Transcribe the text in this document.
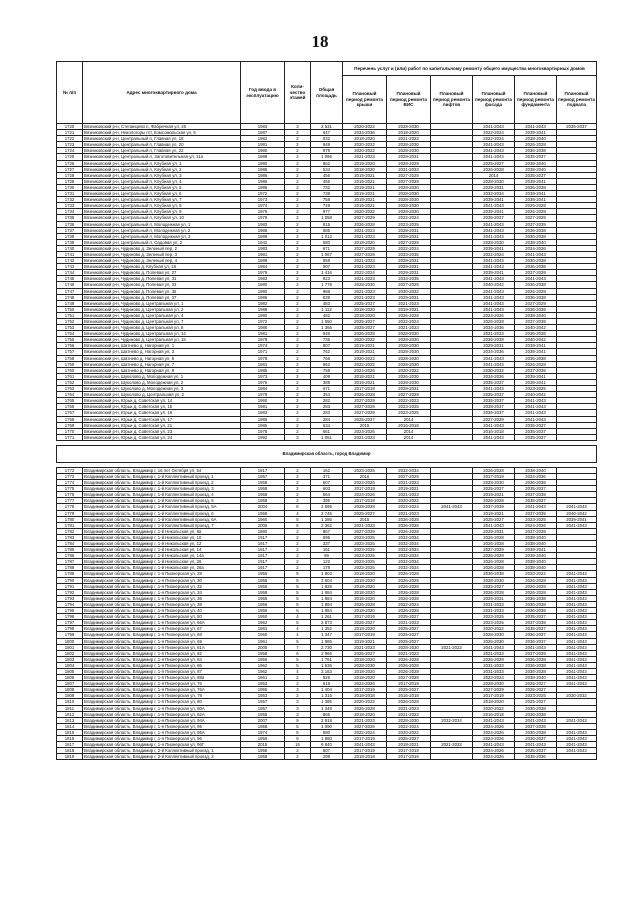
18
№ п/п	Адрес многоквартирного дома	Год ввода в эксплуатацию	Коли-чество этажей	Общая площадь	Перечень услуг и (или) работ по капитальному ремонту общего имущества многоквартирных домов					
					Плановый период ремонта крыши	Плановый период ремонта ВИС	Плановый период ремонта лифтов	Плановый период ремонта фасада	Плановый период ремонта фундамента	Плановый период ремонта подвала
1720	Вязниковский р-н, Степанцево п, Фабричная ул, 25	1983	3	2 531	2020-2022	2028-2030		2041-2043	2041-2043	2035-2037
1721	Вязниковский р-н, Никологоры пгт, Комсомольская ул, 5	1987	2	647	2034-2036	2018-2020		2022-2024	2039-2041	
1722	Вязниковский р-н, Центральный п, Главная ул, 18	1982	2	832	2018-2020	2021-2023		2022-2024	2038-2040	
1723	Вязниковский р-н, Центральный п, Главная ул, 20	1981	2	949	2020-2022	2028-2030		2041-2043	2026-2028	
1724	Вязниковский р-н, Центральный п, Главная ул, 22	1980	2	979	2020-2022	2028-2030		2041-2043	2036-2038	
1725	Вязниковский р-н, Центральный п, Заготовительная ул, 11а	1988	2	1 086	2021-2023	2029-2031		2041-2043	2035-2037	
1726	Вязниковский р-н, Центральный п, Клубная ул, 1	1980	2	862	2019-2020	2028-2029		2025-2027	2039-2040	
1727	Вязниковский р-н, Центральный п, Клубная ул, 2	1985	2	534	2018-2020	2031-2033		2026-2028	2038-2040	
1728	Вязниковский р-н, Центральный п, Клубная ул, 3	1986	2	456	2019-2021	2027-2029		2014	2035-2037	
1729	Вязниковский р-н, Центральный п, Клубная ул, 4	1986	2	455	2019-2021	2027-2029		2028-2030	2039-2041	
1730	Вязниковский р-н, Центральный п, Клубная ул, 5	1986	2	732	2019-2021	2028-2030		2029-2031	2036-2038	
1731	Вязниковский р-н, Центральный п, Клубная ул, 6	1972	2	739	2019-2021	2028-2030		2032-2034	2039-2041	
1732	Вязниковский р-н, Центральный п, Клубная ул, 7	1973	2	758	2019-2021	2028-2030		2039-2041	2039-2041	
1733	Вязниковский р-н, Центральный п, Клубная ул, 8	1974	2	749	2019-2021	2028-2030		2041-2043	2026-2028	
1734	Вязниковский р-н, Центральный п, Клубная ул, 9	1976	2	977	2020-2022	2028-2030		2039-2041	2026-2028	
1735	Вязниковский р-н, Центральный п, Клубная ул, 10	1978	2	1 058	2027-2029	2022-2024		2035-2037	2027-2029	
1736	Вязниковский р-н, Центральный п, Молодежная ул, 1	1983	2	915	2026-2028	2023-2025		2041-2043	2037-2039	
1737	Вязниковский р-н, Центральный п, Молодежная ул, 2	1986	2	585	2021-2023	2028-2031		2041-2043	2036-2038	
1738	Вязниковский р-н, Центральный п, Молодежная ул, 3	1988	2	1 012	2021-2023	2029-2031		2041-2043	2036-2038	
1739	Вязниковский р-н, Центральный п, Садовая ул, 2	1942	2	580	2018-2020	2027-2029		2028-2030	2038-2040	
1740	Вязниковский р-н, Чудиново д, Зеленый пер, 2	1983	2	671	2027-2029	2022-2024		2039-2041	2034-2036	
1741	Вязниковский р-н, Чудиново д, Зеленый пер, 3	1981	2	1 067	2027-2029	2033-2035		2022-2024	2041-2043	
1742	Вязниковский р-н, Чудиново д, Зеленый пер, 4	1988	2	858	2021-2023	2029-2031		2041-2043	2036-2038	
1743	Вязниковский р-н, Чудиново д, Клубная ул, 18	1984	2	907	2021-2023	2029-2031		2041-2043	2036-2038	
1744	Вязниковский р-н, Чудиново д, Полевая ул, 27	1979	2	1 416	2022-2024	2029-2031		2039-2041	2037-2039	
1745	Вязниковский р-н, Чудиново д, Полевая ул, 31	1983	2	823	2021-2023	2033-2035		2041-2043	2041-2043	
1746	Вязниковский р-н, Чудиново д, Полевая ул, 33	1980	2	1 778	2028-2030	2027-2029		2040-2042	2036-2038	
1747	Вязниковский р-н, Чудиново д, Полевая ул, 35	1980	2	988	2021-2023	2030-2032		2041-2043	2026-2028	
1748	Вязниковский р-н, Чудиново д, Полевая ул, 37	1986	2	839	2021-2023	2029-2031		2041-2043	2036-2038	
1749	Вязниковский р-н, Чудиново д, Центральная ул, 1	1982	2	483	2025-2027	2021-2023		2041-2043	2027-2029	
1750	Вязниковский р-н, Чудиново д, Центральная ул, 2	1988	2	1 112	2018-2020	2019-2021		2041-2043	2036-2038	
1751	Вязниковский р-н, Чудиново д, Центральная ул, 4	1980	2	482	2018-2020	2026-2028		2024-2026	2038-2040	
1752	Вязниковский р-н, Чудиново д, Центральная ул, 7	1972	2	1 550	2025-2027	2022-2024		2026-2028	2037-2039	
1753	Вязниковский р-н, Чудиново д, Центральная ул, 8	1986	2	1 366	2025-2027	2021-2023		2034-2036	2040-2042	
1754	Вязниковский р-н, Чудиново д, Центральная ул, 14	1981	2	946	2026-2028	2028-2030		2031-2033	2036-2038	
1755	Вязниковский р-н, Чудиново д, Центральная ул, 15	1978	2	735	2020-2022	2028-2030		2036-2038	2040-2042	
1756	Вязниковский р-н, Шатнево д, Нагорная ул, 1	1974	2	807	2019-2021	2028-2030		2029-2031	2039-2041	
1757	Вязниковский р-н, Шатнево д, Нагорная ул, 3	1971	2	762	2019-2021	2028-2030		2034-2036	2039-2041	
1758	Вязниковский р-н, Шатнево д, Нагорная ул, 5	1978	2	766	2020-2022	2028-2030		2041-2043	2036-2038	
1759	Вязниковский р-н, Шатнево д, Нагорная ул, 7	1981	2	962	2022-2022	2028-2030		2041-2043	2026-2028	
1760	Вязниковский р-н, Шатнево д, Нагорная ул, 9	1985	2	758	2024-2026	2020-2022		2030-2032	2037-2039	
1761	Вязниковский р-н, Шуколово д, Молодежная ул, 1	1973	2	409	2018-2021	2026-2030		2034-2036	2039-2041	
1762	Вязниковский р-н, Шуколово д, Молодежная ул, 2	1975	2	389	2019-2021	2028-2030		2035-2037	2039-2041	
1763	Вязниковский р-н, Шуколово д, Молодежная ул, 3	1984	2	671	2017-2019	2029-2031		2041-2043	2023-2025	
1764	Вязниковский р-н, Шуколово д, Центральная ул, 2	1978	2	354	2026-2028	2027-2029		2035-2037	2040-2042	
1765	Вязниковский р-н, Юрьи д, Советская ул, 14	1960	2	282	2027-2029	2022-2023		2035-2037	2041-2043	
1766	Вязниковский р-н, Юрьи д, Советская ул, 15	1981	2	283	2027-2029	2023-2025		2038-2037	2041-2043	
1767	Вязниковский р-н, Юрьи д, Советская ул, 16	1983	2	283	2027-2029	2023-2025		2035-2037	2041-2043	
1768	Вязниковский р-н, Юрьи д, Советская ул, 17	1985	2	284	2025-2027	2014		2027-2029	2041-2043	
1769	Вязниковский р-н, Юрьи д, Советская ул, 21	1985	2	634	2015	2016-2018		2041-2043	2035-2037	
1770	Вязниковский р-н, Юрьи д, Советская ул, 23	1978	2	661	2024-2026	2014		2016-2018	2035-2037	
1771	Вязниковский р-н, Юрьи д, Советская ул, 24	1992	3	1 051	2021-2023	2014		2041-2043	2035-2037	

Владимирская область, город Владимир										

1772	Владимирская область, Владимир г, 16 лет Октября ул, 54	1917	2	162	2023-2025	2032-2034		2026-2028	2038-2040	
1773	Владимирская область, Владимир г, 1-й Коллективный проезд, 1	1957	2	371	2016	2027-2029		2017-2019	2034-2036	
1774	Владимирская область, Владимир г, 1-й Коллективный проезд, 2	1958	2	607	2024-2026	2021-2023		2028-2030	2036-2038	
1775	Владимирская область, Владимир г, 1-й Коллективный проезд, 3	1958	2	603	2017-2019	2019-2021		2025-2027	2035-2037	
1776	Владимирская область, Владимир г, 1-й Коллективный проезд, 4	1958	2	564	2024-2026	2021-2023		2019-2021	2037-2039	
1777	Владимирская область, Владимир г, 1-й Коллективный проезд, 5	1958	2	395	2017-2019	2020-2022		2026-2028	2035-2037	
1778	Владимирская область, Владимир г, 1-й Коллективный проезд, 5А	2004	6	2 695	2028-2028	2022-2024	2041-2043	2037-2039	2041-2043	2041-2043
1779	Владимирская область, Владимир г, 1-й Коллективный проезд, 6	1958	4	2 745	2025-2027	2021-2023		2019-2021	2037-2039	2040-2042
1780	Владимирская область, Владимир г, 1-й Коллективный проезд, 6А	1960	5	1 286	2015	2026-2028		2025-2027	2023-2025	2039-2041
1781	Владимирская область, Владимир г, 1-й Коллективный проезд, 7	2005	6	2 362	2021-2023	2026-2028		2041-2043	2024-2026	2041-2043
1782	Владимирская область, Владимир г, 1-й Никольская ул, 8а	1880	2	867	2027-2029	2026-2028		2029-2031	2037-2039	
1783	Владимирская область, Владимир г, 1-й Никольская ул, 10	1917	2	595	2023-2025	2032-2034		2026-2028	2038-2040	
1784	Владимирская область, Владимир г, 1-й Никольская ул, 12	1917	2	337	2023-2025	2032-2034		2026-2028	2038-2040	
1785	Владимирская область, Владимир г, 1-й Никольская ул, 14	1917	2	161	2023-2025	2032-2034		2027-2029	2039-2041	
1786	Владимирская область, Владимир г, 1-й Никольская ул, 14а	1917	2	89	2023-2025	2032-2034		2026-2028	2039-2040	
1787	Владимирская область, Владимир г, 1-й Никольская ул, 26	1917	2	122	2023-2025	2032-2034		2026-2028	2038-2040	
1788	Владимирская область, Владимир г, 1-й Никольская ул, 26а	1917	2	178	2023-2025	2032-2034		2026-2028	2038-2040	
1789	Владимирская область, Владимир г, 1-я Пионерская ул, 28	1955	5	1 803	2018-2020	2026-2028		2036-2038	2020-2022	2041-2043
1790	Владимирская область, Владимир г, 1-я Пионерская ул, 30	1955	5	2 604	2018-2020	2026-2028		2028-2030	2026-2028	2041-2043
1791	Владимирская область, Владимир г, 1-я Пионерская ул, 32	1955	5	1 829	2018-2020	2026-2028		2025-2027	2026-2028	2041-2043
1792	Владимирская область, Владимир г, 1-я Пионерская ул, 34	1958	5	1 884	2018-2020	2026-2028		2026-2028	2026-2028	2041-2043
1793	Владимирская область, Владимир г, 1-я Пионерская ул, 36	1955	5	1 884	2018-2020	2026-2028		2029-2031	2036-2038	2041-2043
1794	Владимирская область, Владимир г, 1-я Пионерская ул, 38	1956	5	1 894	2026-2028	2022-2024		2031-2033	2036-2038	2041-2043
1795	Владимирская область, Владимир г, 1-я Пионерская ул, 40	1956	5	1 884	2018-2020	2026-2028		2031-2033	2036-2038	2041-2043
1796	Владимирская область, Владимир г, 1-я Пионерская ул, 50	1950	4	1 261	2017-2019	2025-2027		2023-2025	2035-2037	2041-2043
1797	Владимирская область, Владимир г, 1-я Пионерская ул, 66А	1962	5	2 873	2025-2027	2021-2023		2023-2025	2037-2039	2041-2043
1798	Владимирская область, Владимир г, 1-я Пионерская ул, 67	1981	4	1 352	2018-2020	2025-2027		2020-2022	2035-2037	2041-2043
1799	Владимирская область, Владимир г, 1-я Пионерская ул, 68	1960	4	1 347	2017-2019	2025-2027		2028-2030	2036-2037	2041-2043
1800	Владимирская область, Владимир г, 1-я Пионерская ул, 69	1961	5	1 885	2019-2021	2025-2027		2026-2030	2036-2037	2041-2043
1801	Владимирская область, Владимир г, 1-я Пионерская ул, 81А	2005	7	2 730	2021-2023	2028-2030	2021-2023	2041-2043	2041-2043	2041-2043
1802	Владимирская область, Владимир г, 1-я Пионерская ул, 82	1958	6	2 966	2025-2027	2021-2023		2031-2033	2037-2039	2041-2043
1803	Владимирская область, Владимир г, 1-я Пионерская ул, 84	1956	5	1 761	2018-2020	2026-2028		2026-2028	2036-2038	2041-2043
1804	Владимирская область, Владимир г, 1-я Пионерская ул, 86	1962	5	1 536	2028-2030	2026-2028		2031-2033	2036-2038	2041-2043
1805	Владимирская область, Владимир г, 1-я Пионерская ул, 87	1962	4	2 163	2018-2020	2026-2028		2031-2033	2036-2038	2041-2043
1806	Владимирская область, Владимир г, 1-я Пионерская ул, 88а	1961	2	526	2018-2020	2027-2029		2022-2024	2038-2040	2041-2043
1807	Владимирская область, Владимир г, 1-я Пионерская ул, 76	1953	2	619	2024-2026	2017-2019		2028-2030	2025-2027	2041-2043
1808	Владимирская область, Владимир г, 1-я Пионерская ул, 76А	1955	3	1 404	2017-2019	2025-2027		2027-2029	2025-2027	
1809	Владимирская область, Владимир г, 1-я Пионерская ул, 78	1953	2	1 315	2018-2018	2016-2018		2017-2019	2023-2025	2030-2032
1810	Владимирская область, Владимир г, 1-я Пионерская ул, 80	1957	3	1 386	2020-2022	2026-2028		2018-2020	2025-2027	
1811	Владимирская область, Владимир г, 1-я Пионерская ул, 80А	1957	3	1 348	2026-2028	2021-2023		2020-2022	2036-2038	
1812	Владимирская область, Владимир г, 1-я Пионерская ул, 92А	1955	3	866	2018-2020	2021-2023		2016-2018	2036-2038	
1813	Владимирская область, Владимир г, 1-я Пионерская ул, 94А	2007	9	2 918	2021-2023	2028-2030	2032-2034	2041-2043	2041-2043	2041-2043
1814	Владимирская область, Владимир г, 1-я Пионерская ул, 95	1958	5	1 090	2027-2029	2022-2024		2024-2026	2037-2039	
1815	Владимирская область, Владимир г, 1-я Пионерская ул, 95А	1974	5	680	2022-2024	2020-2022		2024-2026	2036-2038	2041-2043
1816	Владимирская область, Владимир г, 1-я Пионерская ул, 96	1956	5	1 880	2017-2019	2025-2027		2024-2026	2036-2037	2041-2043
1817	Владимирская область, Владимир г, 1-я Пионерская ул, 96Г	2015	16	6 840	2041-2043	2018-2021	2021-2023	2041-2043	2041-2043	2041-2043
1818	Владимирская область, Владимир г, 2-й Коллективный проезд, 1	1958	2	607	2017-2019	2017-2019		2024-2026	2035-2037	2041-2043
1819	Владимирская область, Владимир г, 2-й Коллективный проезд, 2	1958	2	298	2018-2018	2017-2019		2024-2026	2035-2036	
